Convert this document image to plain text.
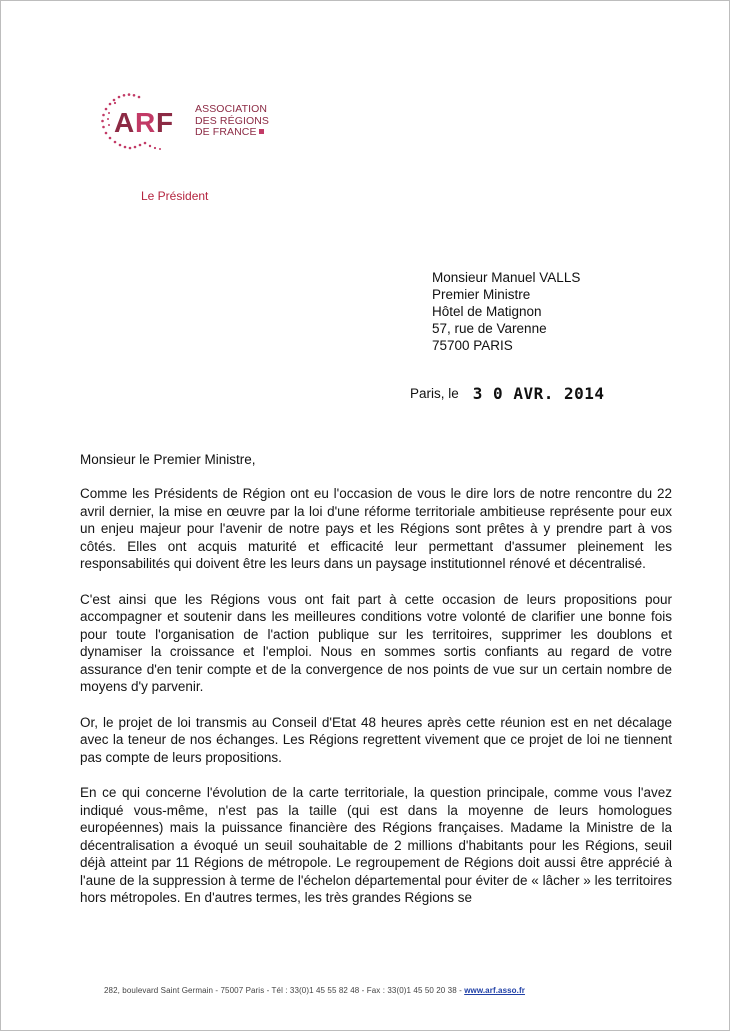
A R F ASSOCIATION
DES RÉGIONS
DE FRANCE
Le Président
Monsieur Manuel VALLS
Premier Ministre
Hôtel de Matignon
57, rue de Varenne
75700 PARIS
Paris, le 3 0 AVR. 2014
Monsieur le Premier Ministre,

Comme les Présidents de Région ont eu l'occasion de vous le dire lors de notre rencontre du 22 avril dernier, la mise en œuvre par la loi d'une réforme territoriale ambitieuse représente pour eux un enjeu majeur pour l'avenir de notre pays et les Régions sont prêtes à y prendre part à vos côtés. Elles ont acquis maturité et efficacité leur permettant d'assumer pleinement les responsabilités qui doivent être les leurs dans un paysage institutionnel rénové et décentralisé.

C'est ainsi que les Régions vous ont fait part à cette occasion de leurs propositions pour accompagner et soutenir dans les meilleures conditions votre volonté de clarifier une bonne fois pour toute l'organisation de l'action publique sur les territoires, supprimer les doublons et dynamiser la croissance et l'emploi. Nous en sommes sortis confiants au regard de votre assurance d'en tenir compte et de la convergence de nos points de vue sur un certain nombre de moyens d'y parvenir.

Or, le projet de loi transmis au Conseil d'Etat 48 heures après cette réunion est en net décalage avec la teneur de nos échanges. Les Régions regrettent vivement que ce projet de loi ne tiennent pas compte de leurs propositions.

En ce qui concerne l'évolution de la carte territoriale, la question principale, comme vous l'avez indiqué vous-même, n'est pas la taille (qui est dans la moyenne de leurs homologues européennes) mais la puissance financière des Régions françaises. Madame la Ministre de la décentralisation a évoqué un seuil souhaitable de 2 millions d'habitants pour les Régions, seuil déjà atteint par 11 Régions de métropole. Le regroupement de Régions doit aussi être apprécié à l'aune de la suppression à terme de l'échelon départemental pour éviter de « lâcher » les territoires hors métropoles. En d'autres termes, les très grandes Régions se

282, boulevard Saint Germain - 75007 Paris - Tél : 33(0)1 45 55 82 48 - Fax : 33(0)1 45 50 20 38 - www.arf.asso.fr
